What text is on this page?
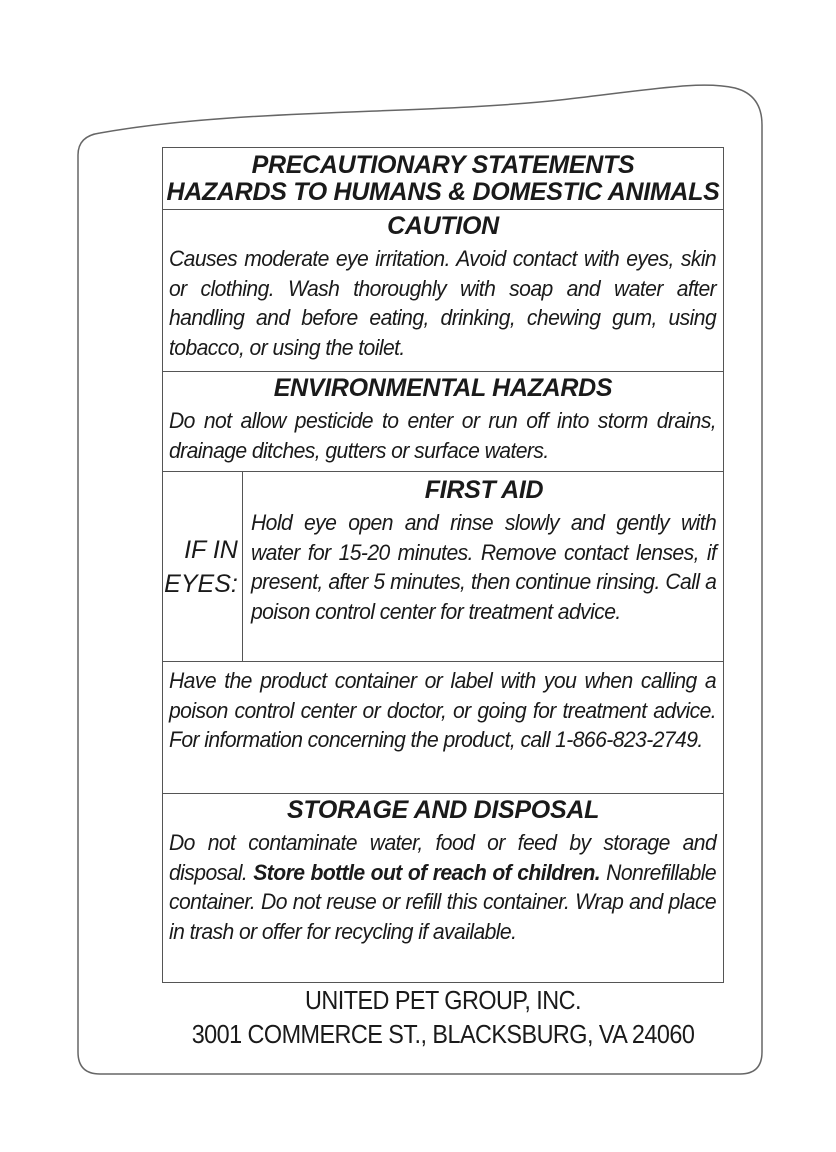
PRECAUTIONARY STATEMENTS
HAZARDS TO HUMANS & DOMESTIC ANIMALS
CAUTION
Causes moderate eye irritation. Avoid contact with eyes, skin or clothing. Wash thoroughly with soap and water after handling and before eating, drinking, chewing gum, using tobacco, or using the toilet.
ENVIRONMENTAL HAZARDS
Do not allow pesticide to enter or run off into storm drains, drainage ditches, gutters or surface waters.
IF IN
EYES:
FIRST AID
Hold eye open and rinse slowly and gently with water for 15-20 minutes. Remove contact lenses, if present, after 5 minutes, then continue rinsing. Call a poison control center for treatment advice.
Have the product container or label with you when calling a poison control center or doctor, or going for treatment advice. For information concerning the product, call 1-866-823-2749.
STORAGE AND DISPOSAL
Do not contaminate water, food or feed by storage and disposal. Store bottle out of reach of children. Nonrefillable container. Do not reuse or refill this container. Wrap and place in trash or offer for recycling if available.
UNITED PET GROUP, INC.
3001 COMMERCE ST., BLACKSBURG, VA 24060
